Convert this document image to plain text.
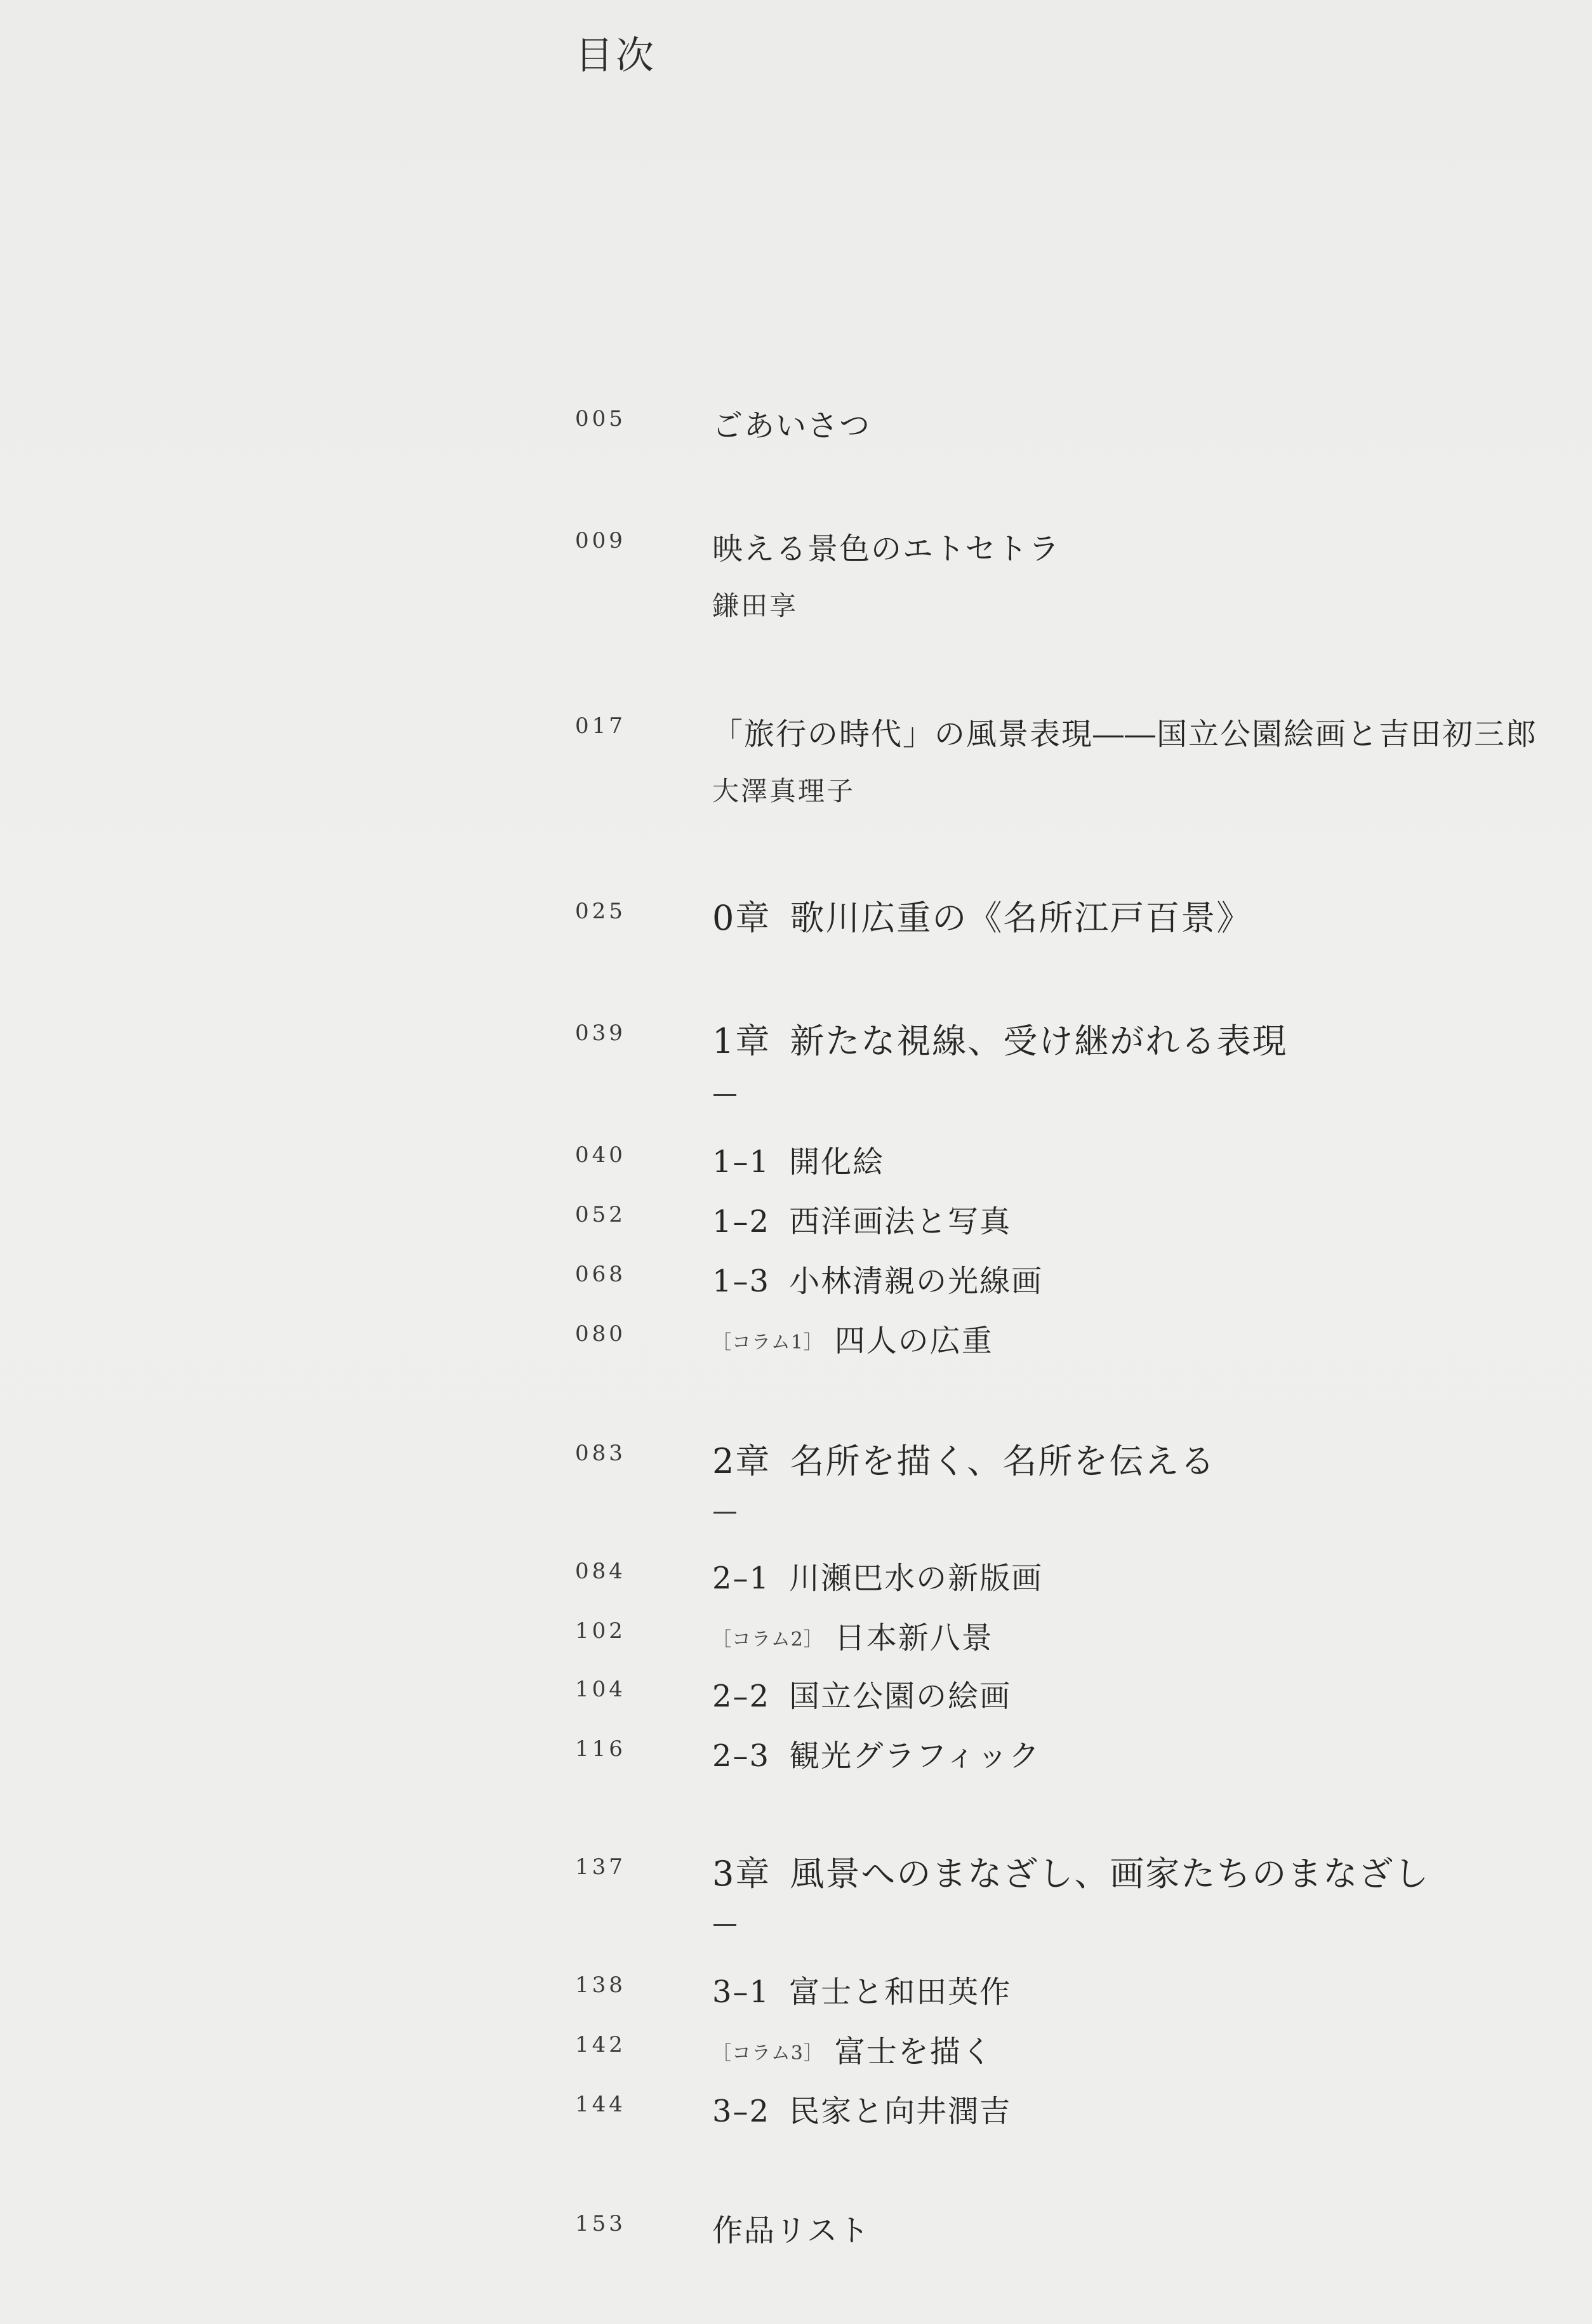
目次
005	ごあいさつ
009	映える景色のエトセトラ
鎌田享
017	「旅行の時代」の風景表現――国立公園絵画と吉田初三郎
大澤真理子
025	0章 歌川広重の《名所江戸百景》
039	1章 新たな視線、受け継がれる表現
040	1–1 開化絵
052	1–2 西洋画法と写真
068	1–3 小林清親の光線画
080	［コラム1］ 四人の広重
083	2章 名所を描く、名所を伝える
084	2–1 川瀬巴水の新版画
102	［コラム2］ 日本新八景
104	2–2 国立公園の絵画
116	2–3 観光グラフィック
137	3章 風景へのまなざし、画家たちのまなざし
138	3–1 富士と和田英作
142	［コラム3］ 富士を描く
144	3–2 民家と向井潤吉
153	作品リスト
